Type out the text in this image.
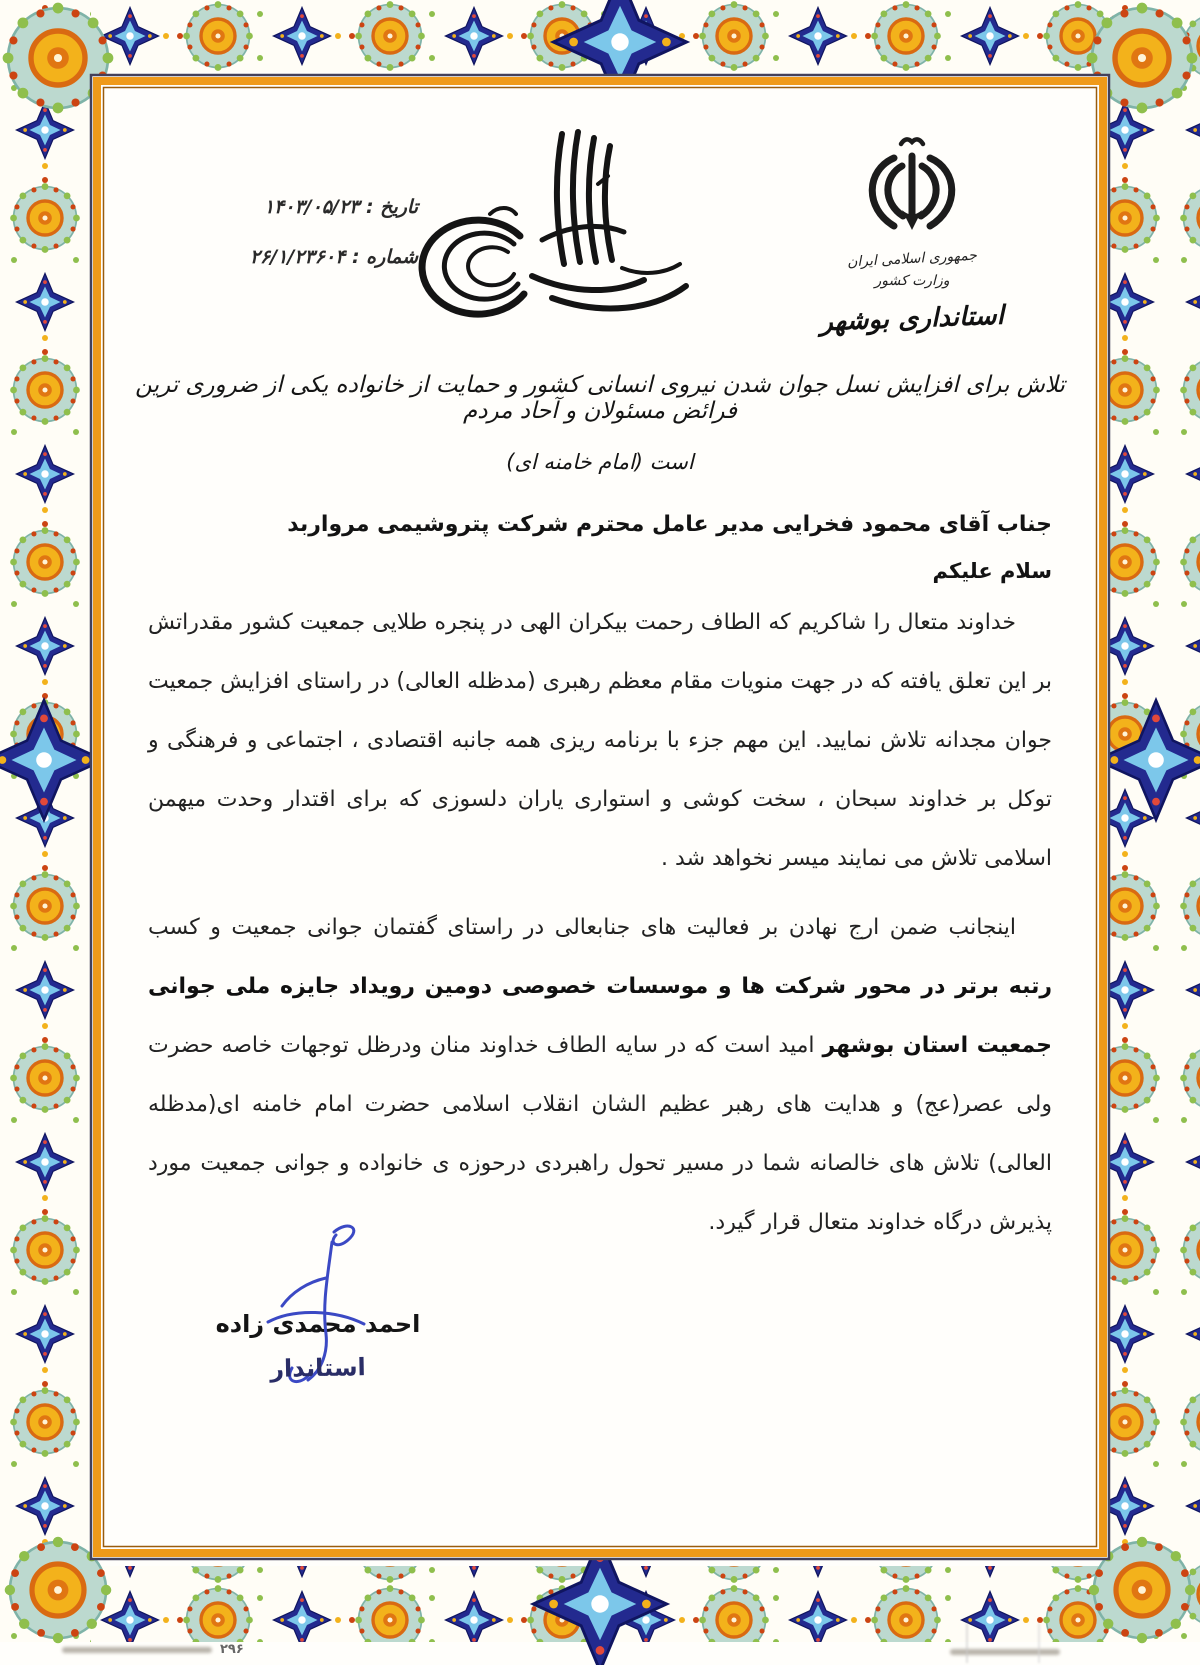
تاریخ : ۱۴۰۳/۰۵/۲۳
شماره : ۲۶/۱/۲۳۶۰۴	جمهوری اسلامی ایران
وزارت کشور
استانداری بوشهر
تلاش برای افزایش نسل جوان شدن نیروی انسانی کشور و حمایت از خانواده یکی از ضروری ترین فرائض مسئولان و آحاد مردم
است (امام خامنه ای)
جناب آقای محمود فخرایی مدیر عامل محترم شرکت پتروشیمی مرواربد
سلام علیکم

خداوند متعال را شاکریم که الطاف رحمت بیکران الهی در پنجره طلایی جمعیت کشور مقدراتش بر این تعلق یافته که در جهت منویات مقام معظم رهبری (مدظله العالی) در راستای افزایش جمعیت جوان مجدانه تلاش نمایید. این مهم جزء با برنامه ریزی همه جانبه اقتصادی ، اجتماعی و فرهنگی و توکل بر خداوند سبحان ، سخت کوشی و استواری یاران دلسوزی که برای اقتدار وحدت میهمن اسلامی تلاش می نمایند میسر نخواهد شد .

اینجانب ضمن ارج نهادن بر فعالیت های جنابعالی در راستای گفتمان جوانی جمعیت و کسب رتبه برتر در محور شرکت ها و موسسات خصوصی دومین رویداد جایزه ملی جوانی جمعیت استان بوشهر امید است که در سایه الطاف خداوند منان ودرظل توجهات خاصه حضرت ولی عصر(عج) و هدایت های رهبر عظیم الشان انقلاب اسلامی حضرت امام خامنه ای(مدظله العالی) تلاش های خالصانه شما در مسیر تحول راهبردی درحوزه ی خانواده و جوانی جمعیت مورد پذیرش درگاه خداوند متعال قرار گیرد.

احمد محمدی زاده
استاندار
۲۹۶
